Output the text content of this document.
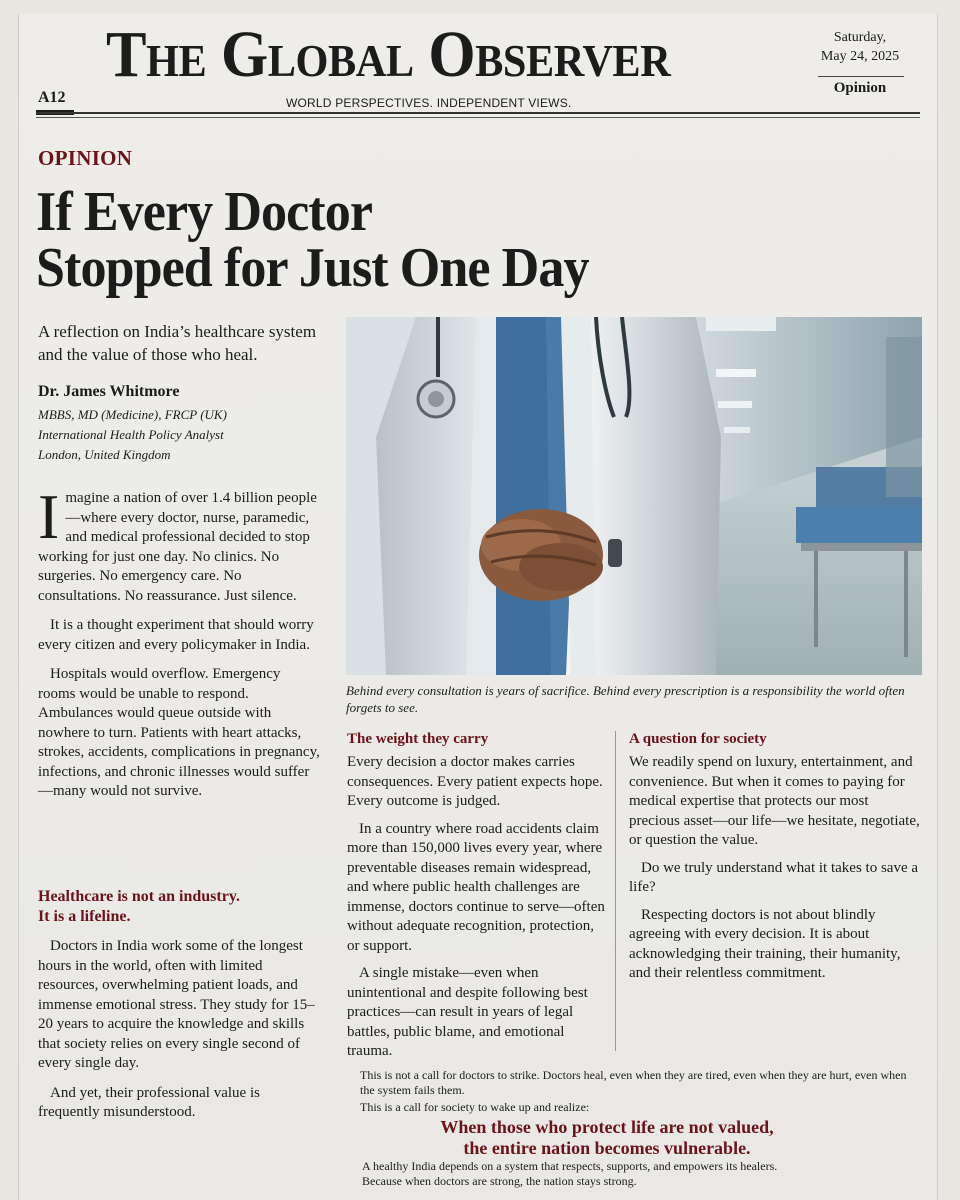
The Global Observer	Saturday,
May 24, 2025
Opinion
A12	WORLD PERSPECTIVES. INDEPENDENT VIEWS.
OPINION
If Every Doctor
Stopped for Just One Day
A reflection on India’s healthcare system and the value of those who heal.
Dr. James Whitmore
MBBS, MD (Medicine), FRCP (UK)
International Health Policy Analyst
London, United Kingdom
Behind every consultation is years of sacrifice. Behind every prescription is a responsibility the world often forgets to see.

Imagine a nation of over 1.4 billion people—where every doctor, nurse, paramedic, and medical professional decided to stop working for just one day. No clinics. No surgeries. No emergency care. No consultations. No reassurance. Just silence.

It is a thought experiment that should worry every citizen and every policymaker in India.

Hospitals would overflow. Emergency rooms would be unable to respond. Ambulances would queue outside with nowhere to turn. Patients with heart attacks, strokes, accidents, complications in pregnancy, infections, and chronic illnesses would suffer—many would not survive.

Healthcare is not an industry.
It is a lifeline.

Doctors in India work some of the longest hours in the world, often with limited resources, overwhelming patient loads, and immense emotional stress. They study for 15–20 years to acquire the knowledge and skills that society relies on every single second of every single day.

And yet, their professional value is frequently misunderstood.

The weight they carry

Every decision a doctor makes carries consequences. Every patient expects hope. Every outcome is judged.

In a country where road accidents claim more than 150,000 lives every year, where preventable diseases remain widespread, and where public health challenges are immense, doctors continue to serve—often without adequate recognition, protection, or support.

A single mistake—even when unintentional and despite following best practices—can result in years of legal battles, public blame, and emotional trauma.

A question for society

We readily spend on luxury, entertainment, and convenience. But when it comes to paying for medical expertise that protects our most precious asset—our life—we hesitate, negotiate, or question the value.

Do we truly understand what it takes to save a life?

Respecting doctors is not about blindly agreeing with every decision. It is about acknowledging their training, their humanity, and their relentless commitment.

This is not a call for doctors to strike. Doctors heal, even when they are tired, even when they are hurt, even when the system fails them.
This is a call for society to wake up and realize:
When those who protect life are not valued,
the entire nation becomes vulnerable.
A healthy India depends on a system that respects, supports, and empowers its healers.
Because when doctors are strong, the nation stays strong.
